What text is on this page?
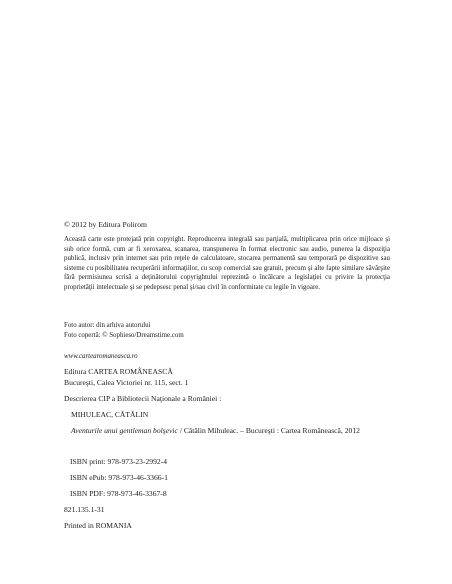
© 2012 by Editura Polirom

Această carte este protejată prin copyright. Reproducerea integrală sau parţială, multiplicarea prin orice mijloace şi sub orice formă, cum ar fi xeroxarea, scanarea, transpunerea în format electronic sau audio, punerea la dispoziţia publică, inclusiv prin internet sau prin reţele de calculatoare, stocarea permanentă sau temporară pe dispozitive sau sisteme cu posibilitatea recuperării informaţiilor, cu scop comercial sau gratuit, precum şi alte fapte similare săvârşite fără permisiunea scrisă a deţinătorului copyrightului reprezintă o încălcare a legislaţiei cu privire la protecţia proprietăţii intelectuale şi se pedepsesc penal şi/sau civil în conformitate cu legile în vigoare.

Foto autor: din arhiva autorului

Foto copertă: © Sophieso/Dreamstime.com

www.cartearomaneasca.ro

Editura CARTEA ROMÂNEASCĂ

Bucureşti, Calea Victoriei nr. 115, sect. 1

Descrierea CIP a Bibliotecii Naţionale a României :

MIHULEAC, CĂTĂLIN

Aventurile unui gentleman bolşevic / Cătălin Mihuleac. – Bucureşti : Cartea Românească, 2012

ISBN print: 978-973-23-2992-4

ISBN ePub: 978-973-46-3366-1

ISBN PDF: 978-973-46-3367-8

821.135.1-31

Printed in ROMANIA
